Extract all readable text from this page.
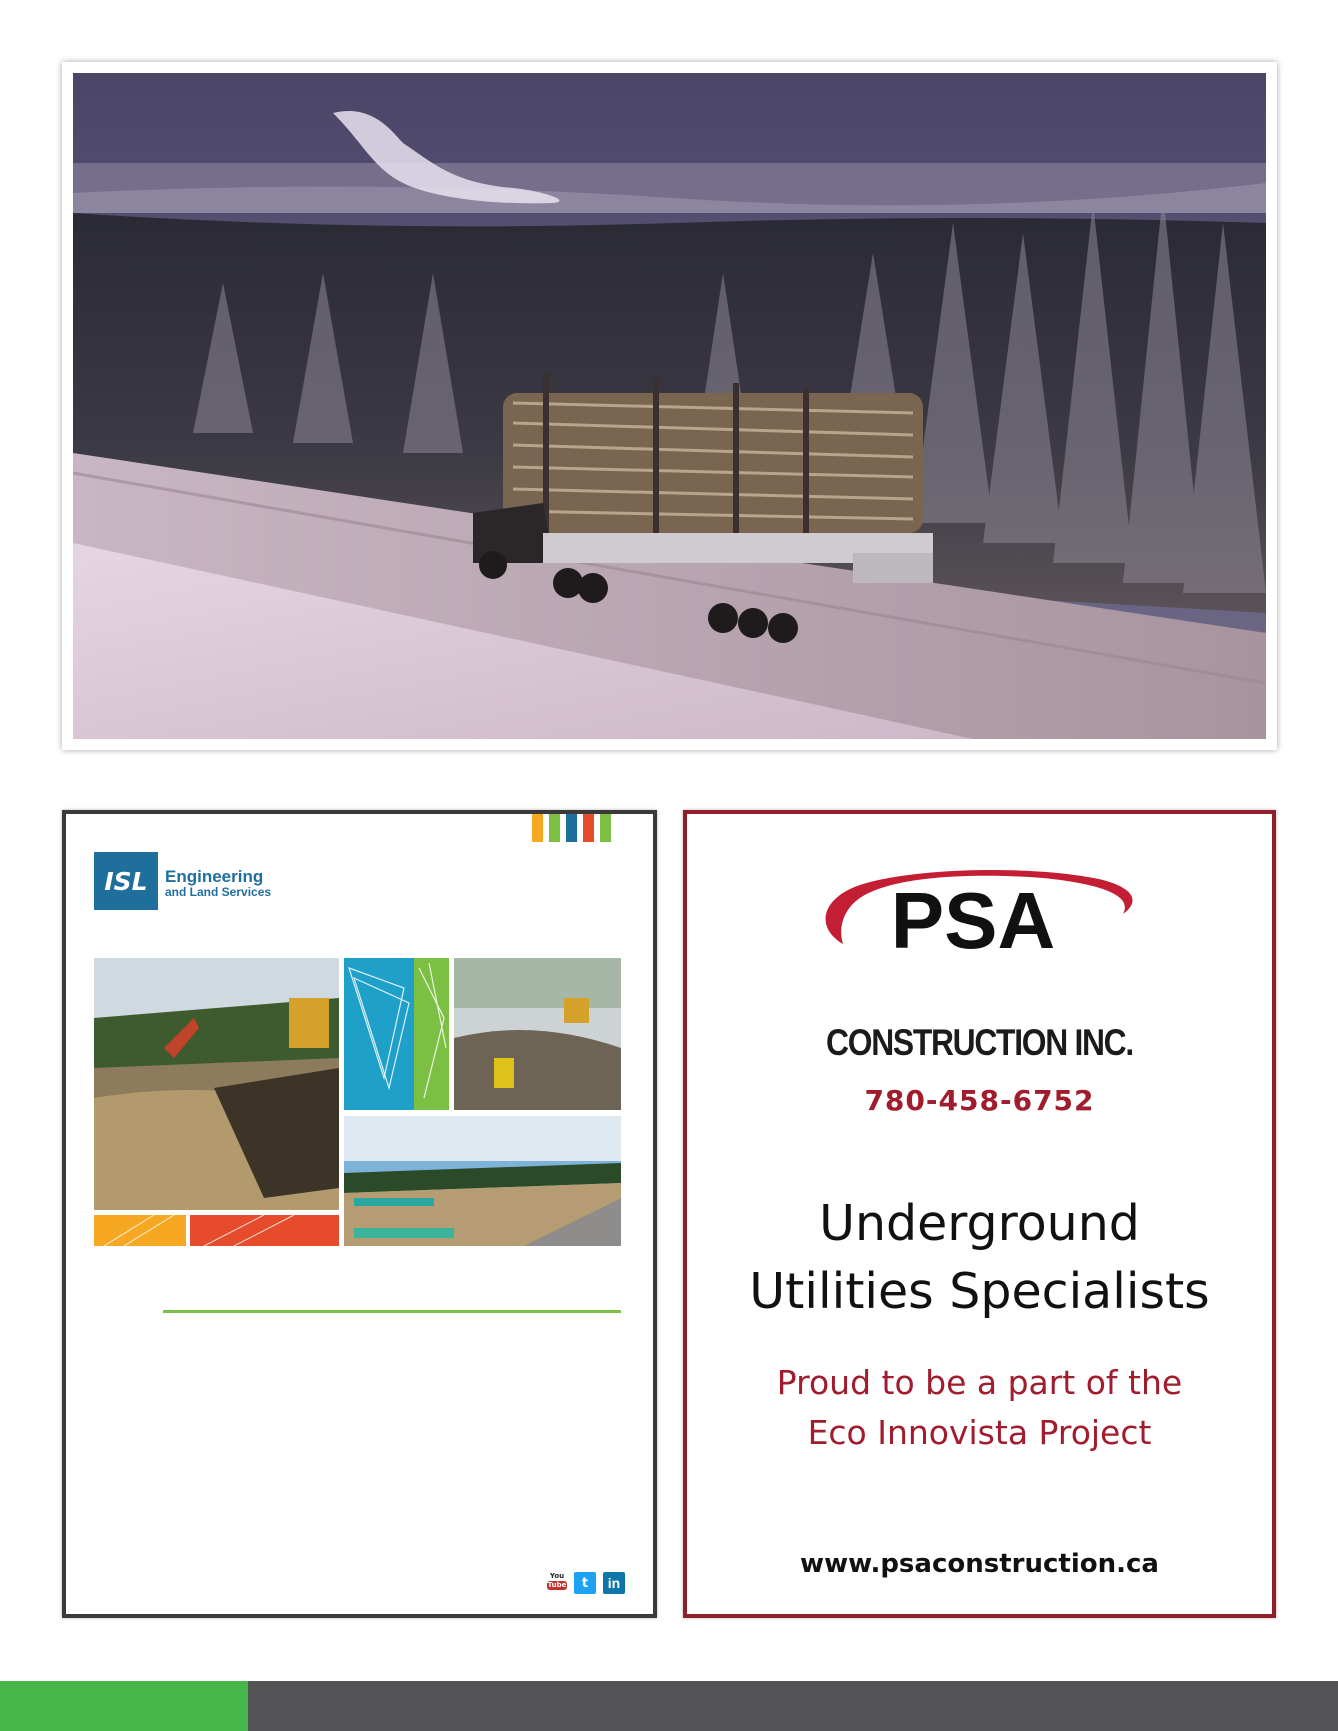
ISL	Engineering
and Land Services
You
Tube	t	in
PSA
CONSTRUCTION INC.
780-458-6752
Underground
Utilities Specialists
Proud to be a part of the
Eco Innovista Project
www.psaconstruction.ca
